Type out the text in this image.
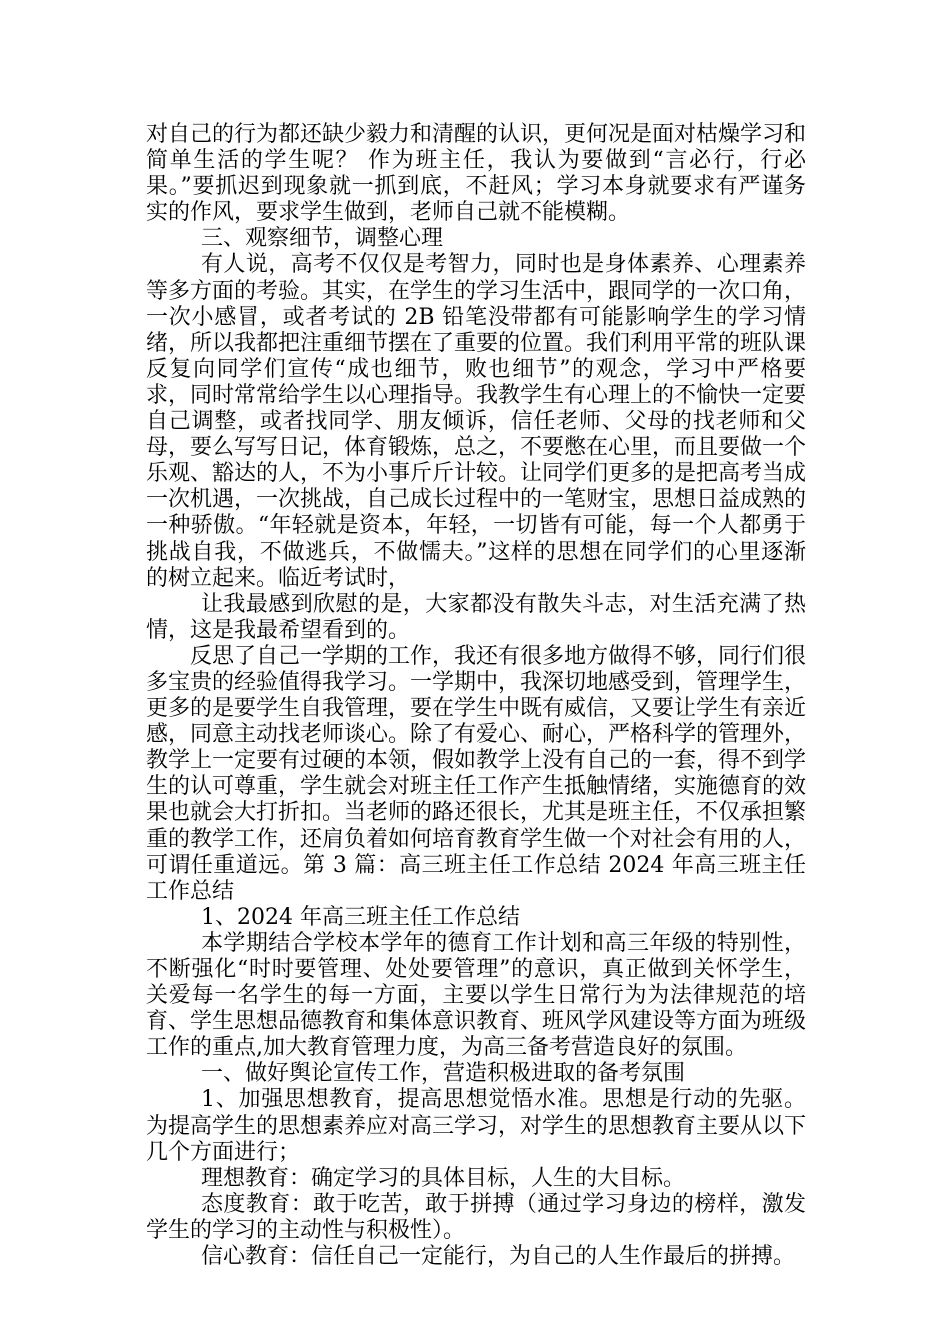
对自己的行为都还缺少毅力和清醒的认识，更何况是面对枯燥学习和简单生活的学生呢？ 作为班主任，我认为要做到“言必行，行必果。”要抓迟到现象就一抓到底，不赶风；学习本身就要求有严谨务实的作风，要求学生做到，老师自己就不能模糊。

三、观察细节，调整心理

有人说，高考不仅仅是考智力，同时也是身体素养、心理素养等多方面的考验。其实，在学生的学习生活中，跟同学的一次口角，一次小感冒，或者考试的 2B 铅笔没带都有可能影响学生的学习情绪，所以我都把注重细节摆在了重要的位置。我们利用平常的班队课反复向同学们宣传“成也细节，败也细节”的观念，学习中严格要求，同时常常给学生以心理指导。我教学生有心理上的不愉快一定要自己调整，或者找同学、朋友倾诉，信任老师、父母的找老师和父母，要么写写日记，体育锻炼，总之，不要憋在心里，而且要做一个乐观、豁达的人，不为小事斤斤计较。让同学们更多的是把高考当成一次机遇，一次挑战，自己成长过程中的一笔财宝，思想日益成熟的一种骄傲。“年轻就是资本，年轻，一切皆有可能，每一个人都勇于挑战自我，不做逃兵，不做懦夫。”这样的思想在同学们的心里逐渐的树立起来。临近考试时，

让我最感到欣慰的是，大家都没有散失斗志，对生活充满了热情，这是我最希望看到的。

反思了自己一学期的工作，我还有很多地方做得不够，同行们很多宝贵的经验值得我学习。一学期中，我深切地感受到，管理学生，更多的是要学生自我管理，要在学生中既有威信，又要让学生有亲近感，同意主动找老师谈心。除了有爱心、耐心，严格科学的管理外，教学上一定要有过硬的本领，假如教学上没有自己的一套，得不到学生的认可尊重，学生就会对班主任工作产生抵触情绪，实施德育的效果也就会大打折扣。当老师的路还很长，尤其是班主任，不仅承担繁重的教学工作，还肩负着如何培育教育学生做一个对社会有用的人，可谓任重道远。第 3 篇：高三班主任工作总结 2024 年高三班主任工作总结

1、2024 年高三班主任工作总结

本学期结合学校本学年的德育工作计划和高三年级的特别性，不断强化“时时要管理、处处要管理”的意识，真正做到关怀学生，关爱每一名学生的每一方面，主要以学生日常行为为法律规范的培育、学生思想品德教育和集体意识教育、班风学风建设等方面为班级工作的重点,加大教育管理力度，为高三备考营造良好的氛围。

一、做好舆论宣传工作，营造积极进取的备考氛围

1、加强思想教育，提高思想觉悟水准。思想是行动的先驱。为提高学生的思想素养应对高三学习，对学生的思想教育主要从以下几个方面进行；

理想教育：确定学习的具体目标，人生的大目标。

态度教育：敢于吃苦，敢于拼搏（通过学习身边的榜样，激发学生的学习的主动性与积极性）。

信心教育：信任自己一定能行，为自己的人生作最后的拼搏。
